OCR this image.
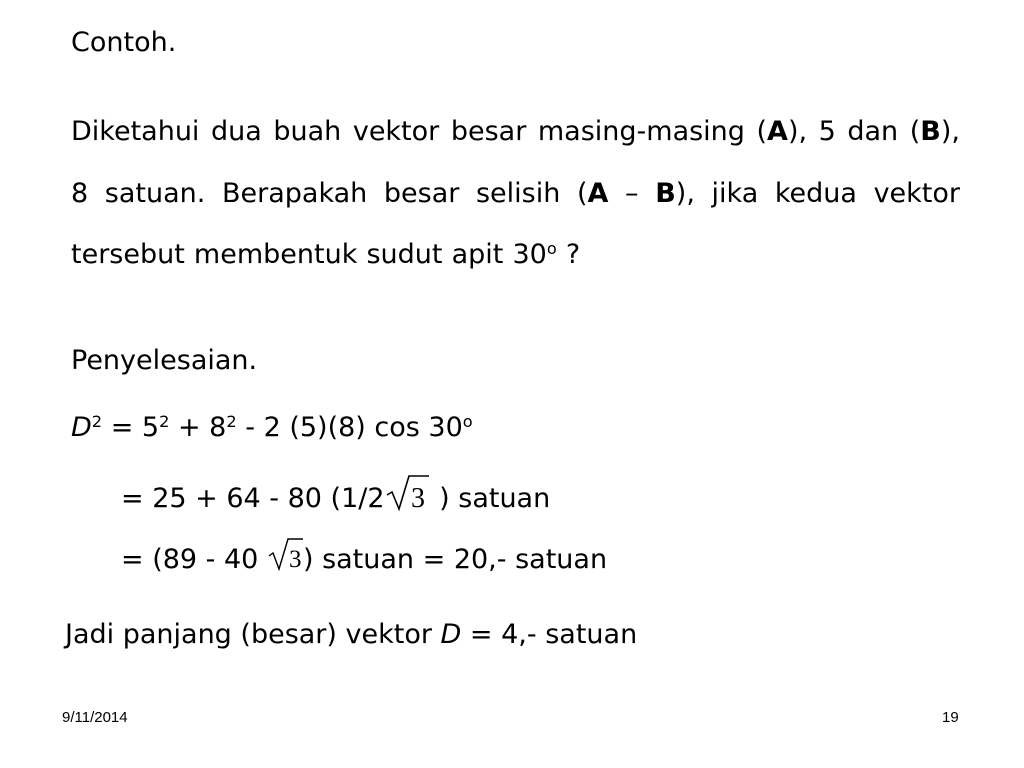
Contoh.
Diketahui dua buah vektor besar masing-masing (A), 5 dan (B), 8 satuan. Berapakah besar selisih (A – B), jika kedua vektor tersebut membentuk sudut apit 30$^o$ ?
Penyelesaian.
$D^2 = 5^2 + 8^2 - 2$ (5)(8) $\cos 30^o$
= 25 + 64 - 80 (1/2 3 ) satuan
= (89 - 40 3 ) satuan = 20,- satuan
Jadi panjang (besar) vektor D = 4,- satuan
9/11/2014	19
